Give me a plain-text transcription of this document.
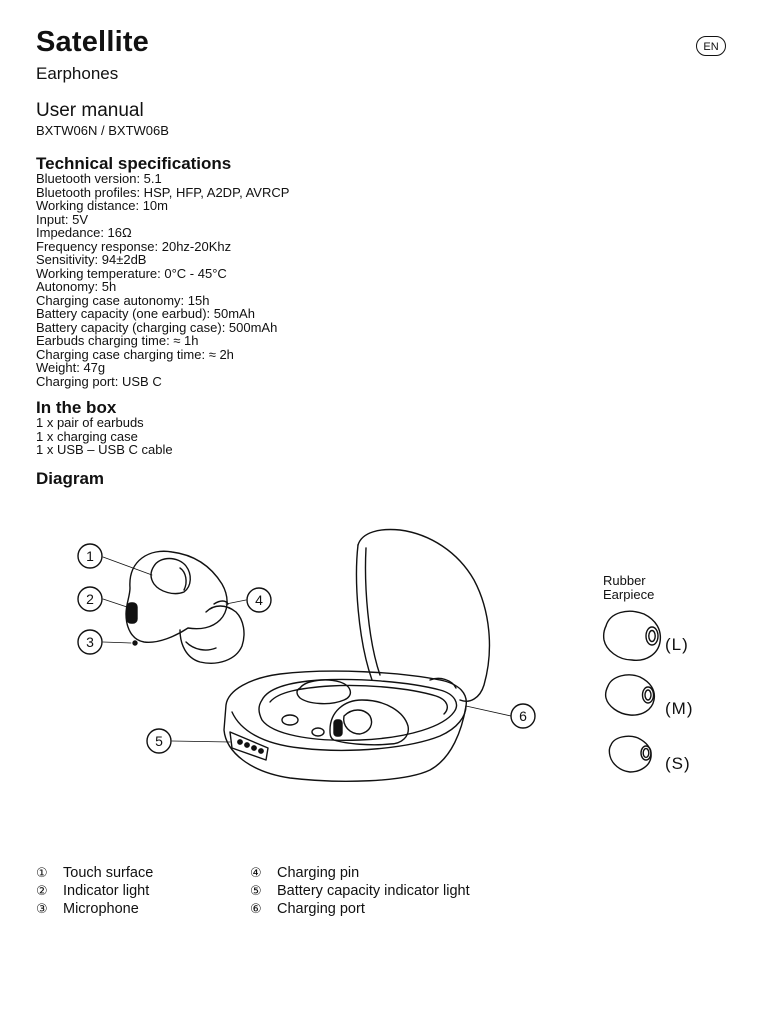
Satellite	EN
Earphones
User manual
BXTW06N / BXTW06B
Technical specifications
Bluetooth version: 5.1
Bluetooth profiles: HSP, HFP, A2DP, AVRCP
Working distance: 10m
Input: 5V
Impedance: 16Ω
Frequency response: 20hz-20Khz
Sensitivity: 94±2dB
Working temperature: 0°C - 45°C
Autonomy: 5h
Charging case autonomy: 15h
Battery capacity (one earbud): 50mAh
Battery capacity (charging case): 500mAh
Earbuds charging time: ≈ 1h
Charging case charging time: ≈ 2h
Weight: 47g
Charging port: USB C
In the box
1 x pair of earbuds
1 x charging case
1 x USB – USB C cable
Diagram
1
2
3
4
5
6
(L)
(M)
(S)
Rubber
Earpiece
①	Touch surface
②	Indicator light
③	Microphone
④	Charging pin
⑤	Battery capacity indicator light
⑥	Charging port
